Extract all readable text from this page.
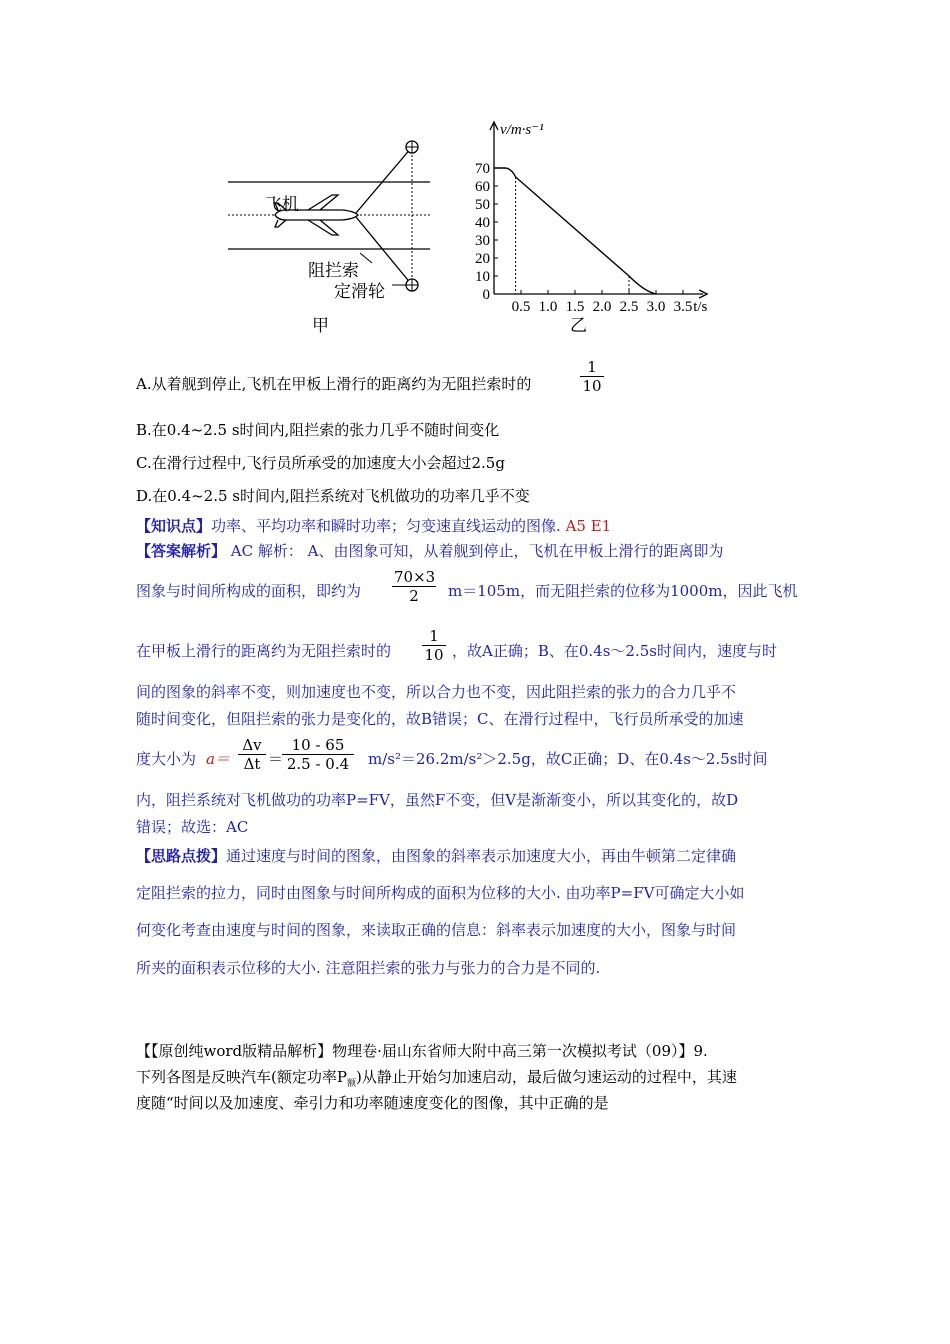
飞机
阻拦索
定滑轮
甲
70
60
50
40
30
20
10
0
0.5 1.0 1.5 2.0 2.5 3.0 3.5
v/m·s⁻¹
t/s
乙
A.从着舰到停止,飞机在甲板上滑行的距离约为无阻拦索时的	$\frac{1}{10}$
B.在0.4~2.5 s时间内,阻拦索的张力几乎不随时间变化
C.在滑行过程中,飞行员所承受的加速度大小会超过2.5g
D.在0.4~2.5 s时间内,阻拦系统对飞机做功的功率几乎不变
【知识点】功率、平均功率和瞬时功率；匀变速直线运动的图像. A5 E1
【答案解析】 AC 解析： A、由图象可知，从着舰到停止，飞机在甲板上滑行的距离即为
图象与时间所构成的面积，即约为	$\frac{70\times 3}{2} m=105m$，而无阻拦索的位移为1000m，因此飞机
在甲板上滑行的距离约为无阻拦索时的	$\frac{1}{10}$ ，故A正确；B、在0.4s～2.5s时间内，速度与时
间的图象的斜率不变，则加速度也不变，所以合力也不变，因此阻拦索的张力的合力几乎不
随时间变化，但阻拦索的张力是变化的，故B错误；C、在滑行过程中，飞行员所承受的加速
度大小为 $a= \frac{\Delta v}{\Delta t}$ ＝
$\frac{10 - 65}{2.5 - 0.4} m/s^2=26.2m/s^2>2.5g$，故C正确；D、在0.4s～2.5s时间
内，阻拦系统对飞机做功的功率P=FV，虽然F不变，但V是渐渐变小，所以其变化的，故D
错误；故选：AC
【思路点拨】通过速度与时间的图象，由图象的斜率表示加速度大小，再由牛顿第二定律确
定阻拦索的拉力，同时由图象与时间所构成的面积为位移的大小. 由功率P=FV可确定大小如
何变化考查由速度与时间的图象，来读取正确的信息：斜率表示加速度的大小，图象与时间
所夹的面积表示位移的大小. 注意阻拦索的张力与张力的合力是不同的.
【【原创纯word版精品解析】物理卷·届山东省师大附中高三第一次模拟考试（09）】9.
下列各图是反映汽车(额定功率$P_额$)从静止开始匀加速启动，最后做匀速运动的过程中，其速
度随“时间以及加速度、牵引力和功率随速度变化的图像，其中正确的是
